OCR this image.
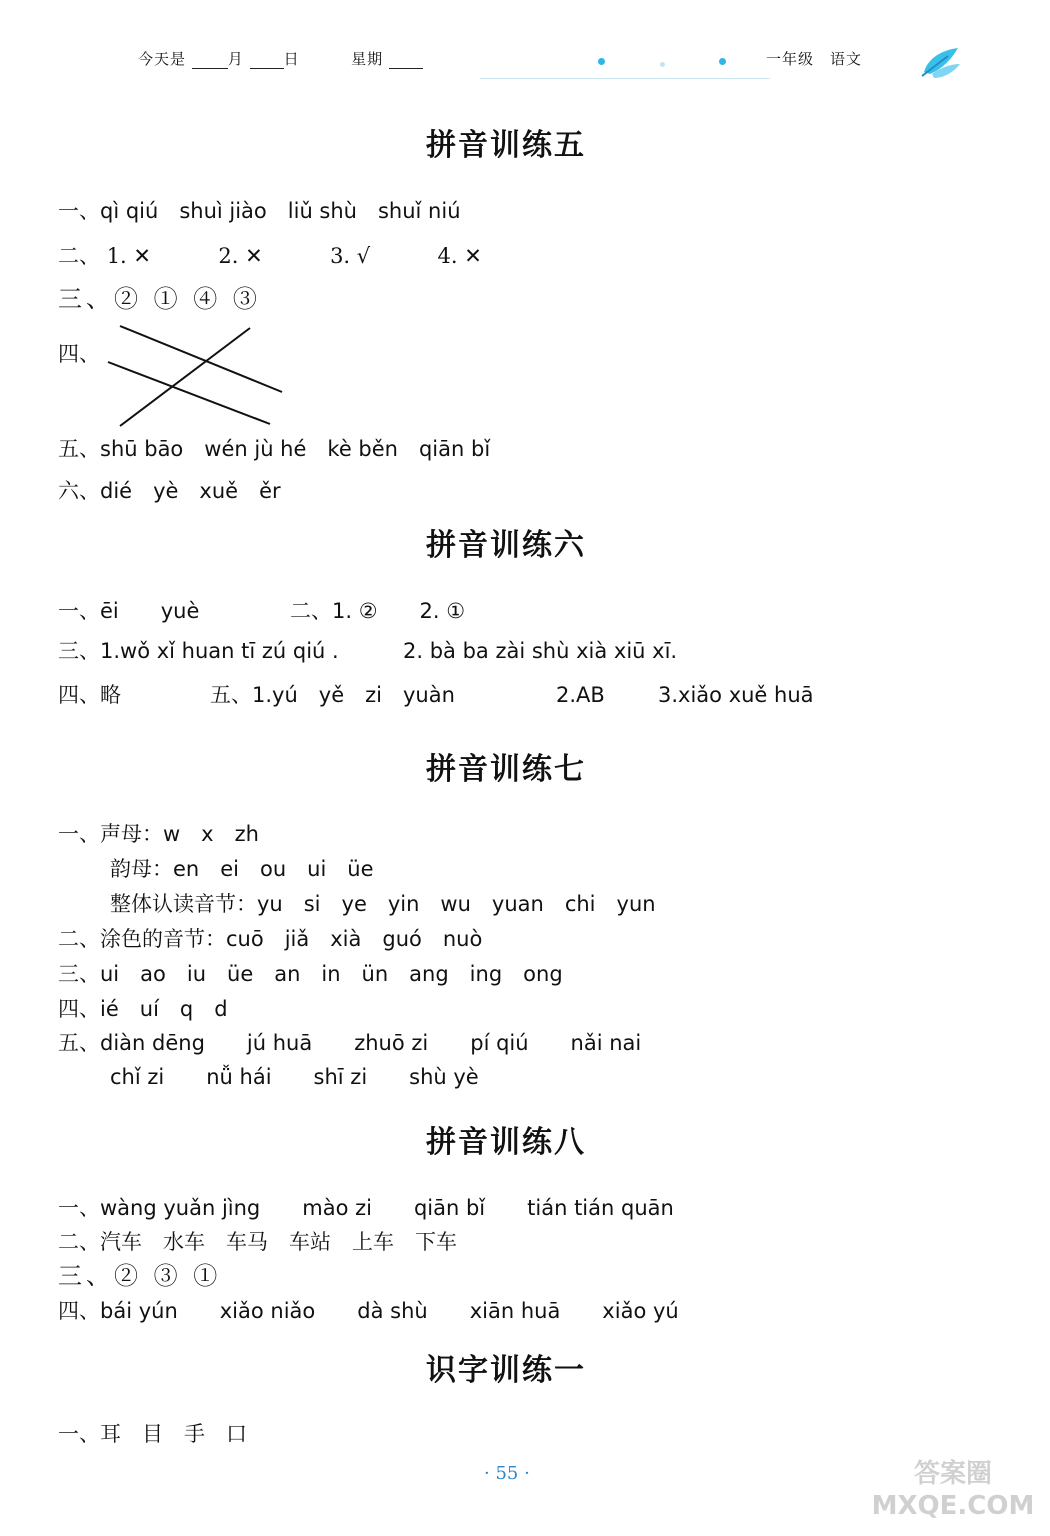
今天是	月	日	星期	一年级　语文
拼音训练五
一、qì qiú　shuì jiào　liǔ shù　shuǐ niú
二、 1. ✕	2. ✕	3. √	4. ✕
三、② ① ④ ③
四、
五、shū bāo　wén jù hé　kè běn　qiān bǐ
六、dié　yè　xuě　ěr
拼音训练六
一、ēi　　yuè	二、1. ②　　2. ①
三、1.wǒ xǐ huan tī zú qiú .	2. bà ba zài shù xià xiū xī.
四、略	五、1.yú　yě　zi　yuàn	2.AB	3.xiǎo xuě huā
拼音训练七
一、声母：w　x　zh
韵母：en　ei　ou　ui　üe
整体认读音节：yu　si　ye　yin　wu　yuan　chi　yun
二、涂色的音节：cuō　jiǎ　xià　guó　nuò
三、ui　ao　iu　üe　an　in　ün　ang　ing　ong
四、ié　uí　q　d
五、diàn dēng　　jú huā　　zhuō zi　　pí qiú　　nǎi nai
chǐ zi　　nǚ hái　　shī zi　　shù yè
拼音训练八
一、wàng yuǎn jìng　　mào zi　　qiān bǐ　　tián tián quān
二、汽车　水车　车马　车站　上车　下车
三、② ③ ①
四、bái yún　　xiǎo niǎo　　dà shù　　xiān huā　　xiǎo yú
识字训练一
一、耳　目　手　口
· 55 ·	答案圈 MXQE.COM
